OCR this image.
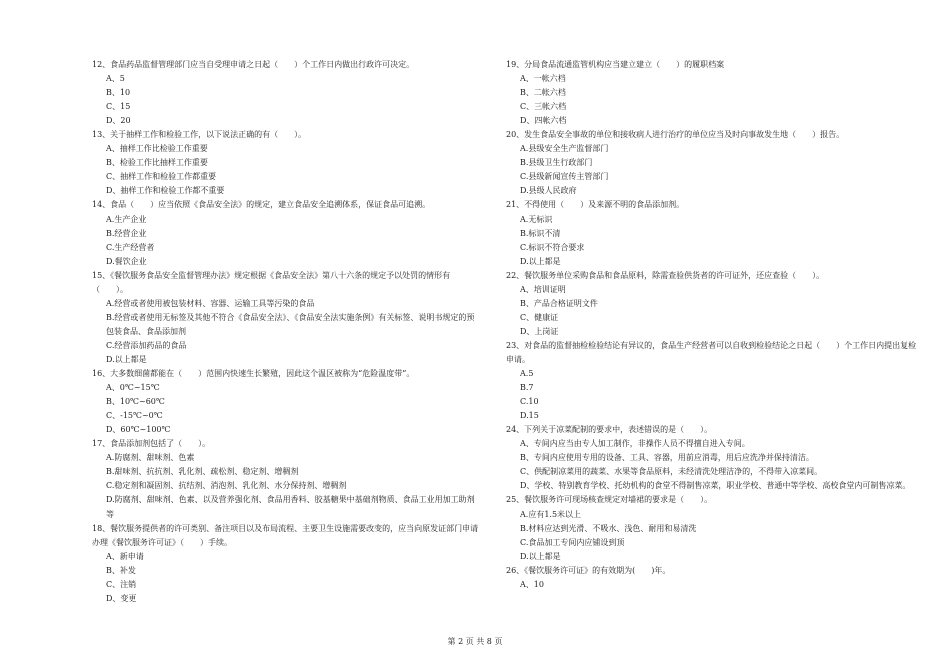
12、食品药品监督管理部门应当自受理申请之日起（　　）个工作日内做出行政许可决定。
A、5
B、10
C、15
D、20
13、关于抽样工作和检验工作，以下说法正确的有（　　）。
A、抽样工作比检验工作重要
B、检验工作比抽样工作重要
C、抽样工作和检验工作都重要
D、抽样工作和检验工作都不重要
14、食品（　　）应当依照《食品安全法》的规定，建立食品安全追溯体系，保证食品可追溯。
A.生产企业
B.经营企业
C.生产经营者
D.餐饮企业
15、《餐饮服务食品安全监督管理办法》规定根据《食品安全法》第八十六条的规定予以处罚的情形有（　　）。
A.经营或者使用被包装材料、容器、运输工具等污染的食品
B.经营或者使用无标签及其他不符合《食品安全法》、《食品安全法实施条例》有关标签、说明书规定的预包装食品、食品添加剂
C.经营添加药品的食品
D.以上都是
16、大多数细菌都能在（　　）范围内快速生长繁殖，因此这个温区被称为“危险温度带”。
A、0℃~15℃
B、10℃~60℃
C、-15℃~0℃
D、60℃~100℃
17、食品添加剂包括了（　　）。
A.防腐剂、甜味剂、色素
B.甜味剂、抗抗剂、乳化剂、疏松剂、稳定剂、增稠剂
C.稳定剂和凝固剂、抗结剂、消泡剂、乳化剂、水分保持剂、增稠剂
D.防腐剂、甜味剂、色素、以及营养强化剂、食品用香料、胶基糖果中基础剂物质、食品工业用加工助剂等
18、餐饮服务提供者的许可类别、备注项目以及布局流程、主要卫生设施需要改变的，应当向原发证部门申请办理《餐饮服务许可证》（　　）手续。
A、新申请
B、补发
C、注销
D、变更
19、分局食品流通监管机构应当建立建立（　　）的履职档案
A、一帐六档
B、二帐六档
C、三帐六档
D、四帐六档
20、发生食品安全事故的单位和接收病人进行治疗的单位应当及时向事故发生地（　　）报告。
A.县级安全生产监督部门
B.县级卫生行政部门
C.县级新闻宣传主管部门
D.县级人民政府
21、不得使用（　　）及来源不明的食品添加剂。
A.无标识
B.标识不清
C.标识不符合要求
D.以上都是
22、餐饮服务单位采购食品和食品原料，除需查验供货者的许可证外，还应查验（　　）。
A、培训证明
B、产品合格证明文件
C、健康证
D、上岗证
23、对食品的监督抽检检验结论有异议的，食品生产经营者可以自收到检验结论之日起（　　）个工作日内提出复检申请。
A.5
B.7
C.10
D.15
24、下列关于凉菜配制的要求中，表述错误的是（　　）。
A、专间内应当由专人加工制作，非操作人员不得擅自进入专间。
B、专间内应使用专用的设备、工具、容器，用前应消毒，用后应洗净并保持清洁。
C、供配制凉菜用的蔬菜、水果等食品原料，未经清洗处理洁净的，不得带入凉菜间。
D、学校、特别教育学校、托幼机构的食堂不得制售凉菜，职业学校、普通中等学校、高校食堂内可制售凉菜。
25、餐饮服务许可现场核查规定对墙裙的要求是（　　）。
A.应有1.5米以上
B.材料应达到光滑、不吸水、浅色、耐用和易清洗
C.食品加工专间内应铺设到顶
D.以上都是
26、《餐饮服务许可证》的有效期为(　　)年。
A、10
第 2 页 共 8 页
